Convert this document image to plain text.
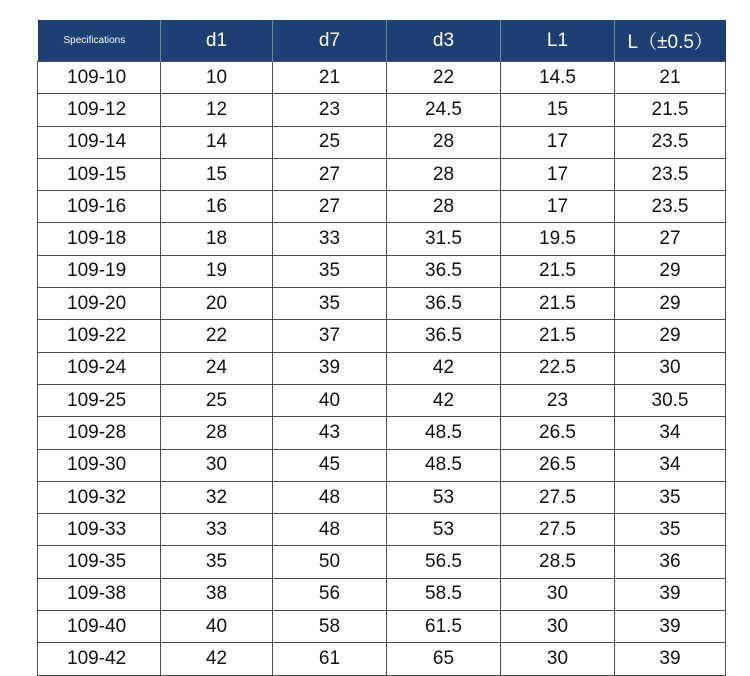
Specifications	d1	d7	d3	L1	L（±0.5）
109-10	10	21	22	14.5	21
109-12	12	23	24.5	15	21.5
109-14	14	25	28	17	23.5
109-15	15	27	28	17	23.5
109-16	16	27	28	17	23.5
109-18	18	33	31.5	19.5	27
109-19	19	35	36.5	21.5	29
109-20	20	35	36.5	21.5	29
109-22	22	37	36.5	21.5	29
109-24	24	39	42	22.5	30
109-25	25	40	42	23	30.5
109-28	28	43	48.5	26.5	34
109-30	30	45	48.5	26.5	34
109-32	32	48	53	27.5	35
109-33	33	48	53	27.5	35
109-35	35	50	56.5	28.5	36
109-38	38	56	58.5	30	39
109-40	40	58	61.5	30	39
109-42	42	61	65	30	39
